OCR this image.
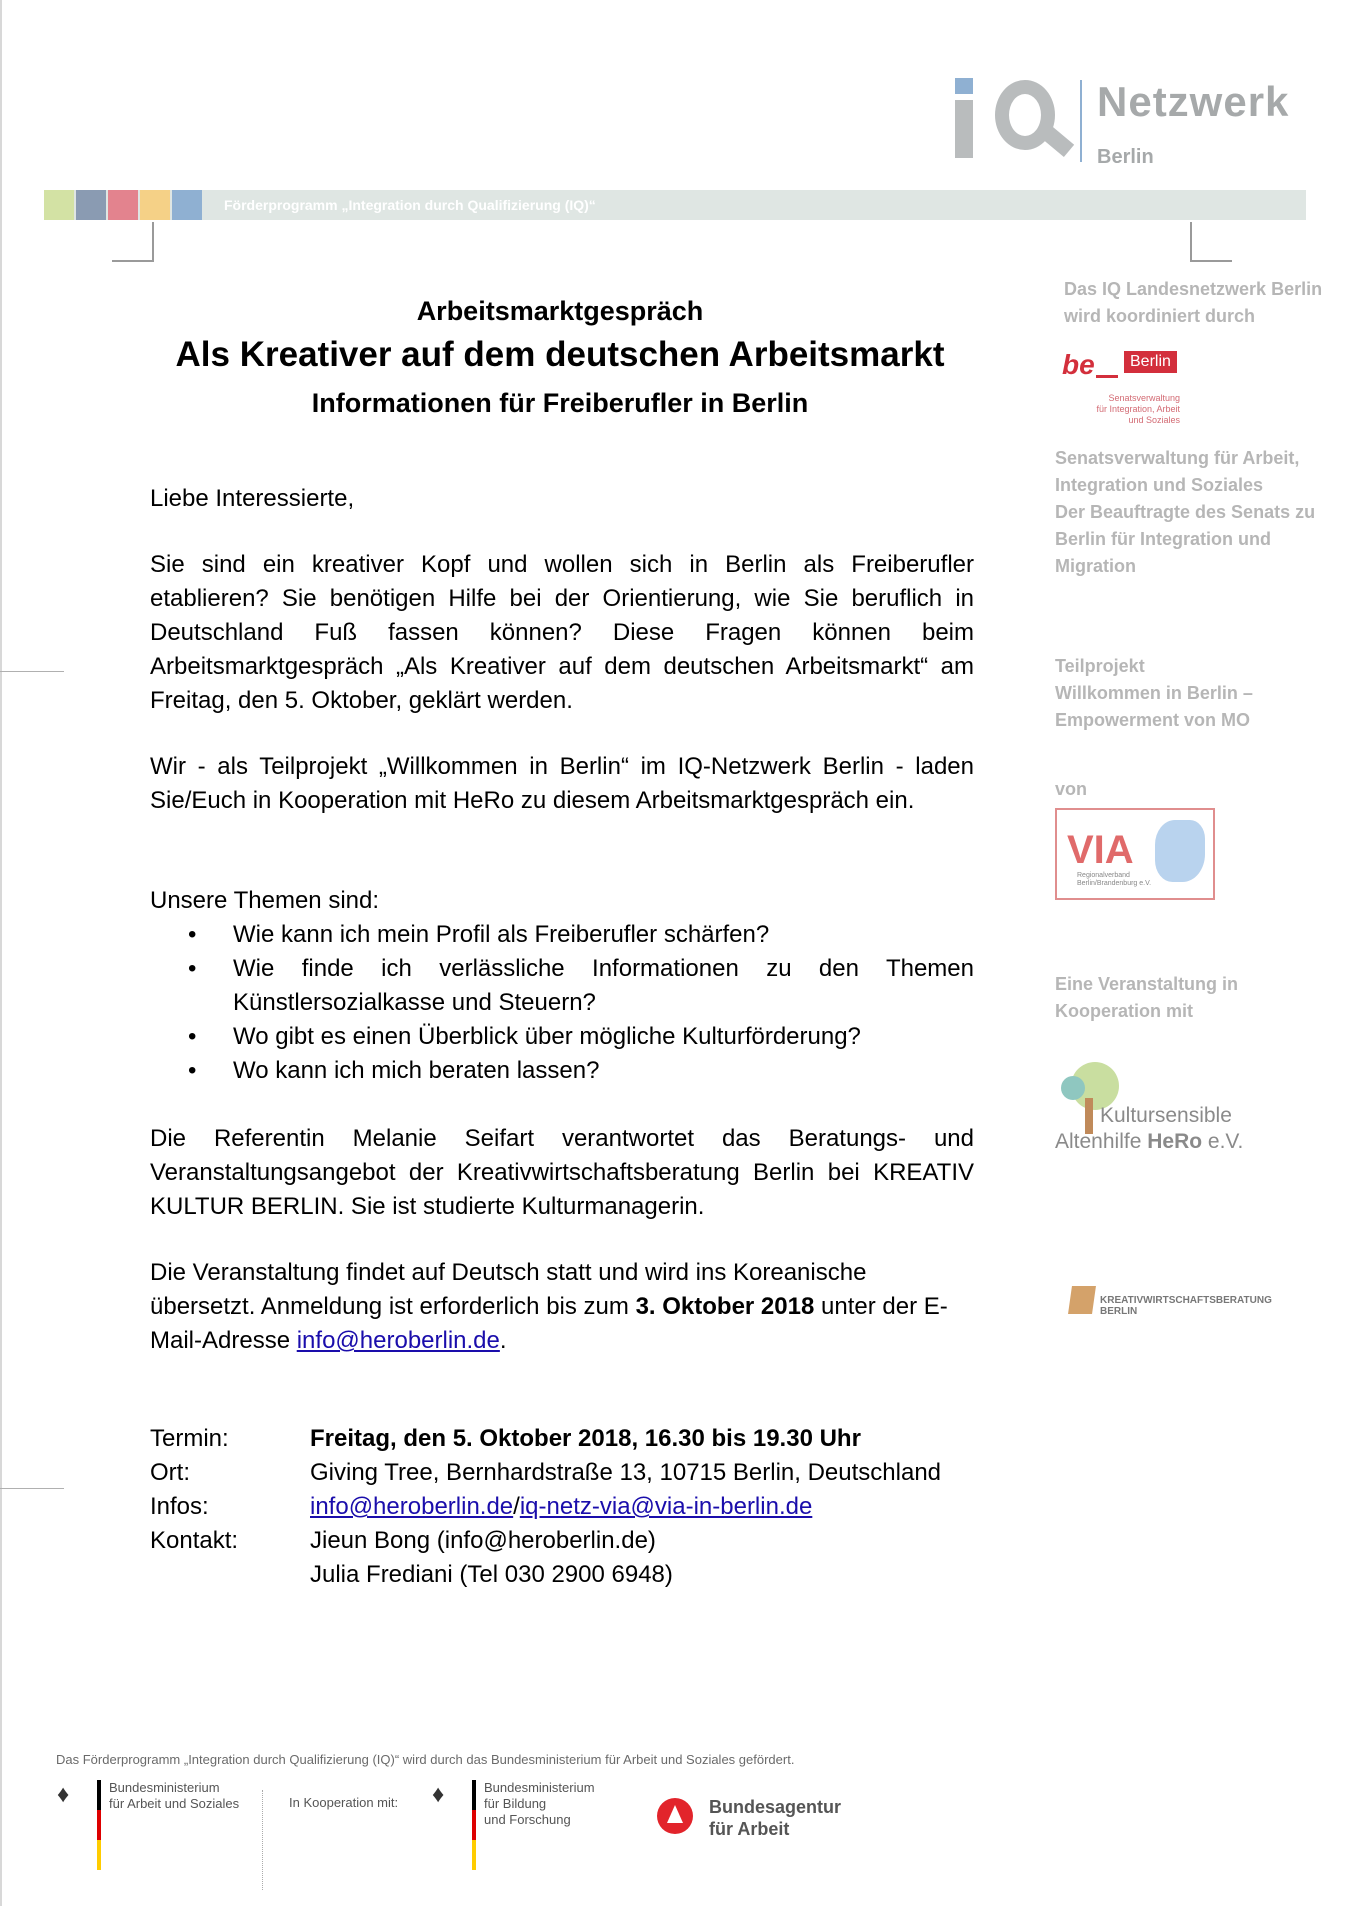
Netzwerk
Berlin
Förderprogramm „Integration durch Qualifizierung (IQ)“
Arbeitsmarktgespräch
Als Kreativer auf dem deutschen Arbeitsmarkt
Informationen für Freiberufler in Berlin
Liebe Interessierte,
Sie sind ein kreativer Kopf und wollen sich in Berlin als Freiberufler etablieren? Sie benötigen Hilfe bei der Orientierung, wie Sie beruflich in Deutschland Fuß fassen können? Diese Fragen können beim Arbeitsmarktgespräch „Als Kreativer auf dem deutschen Arbeitsmarkt“ am Freitag, den 5. Oktober, geklärt werden.
Wir - als Teilprojekt „Willkommen in Berlin“ im IQ-Netzwerk Berlin - laden Sie/Euch in Kooperation mit HeRo zu diesem Arbeitsmarktgespräch ein.
Unsere Themen sind:
• Wie kann ich mein Profil als Freiberufler schärfen?
• Wie finde ich verlässliche Informationen zu den Themen Künstlersozialkasse und Steuern?
• Wo gibt es einen Überblick über mögliche Kulturförderung?
• Wo kann ich mich beraten lassen?
Die Referentin Melanie Seifart verantwortet das Beratungs- und Veranstaltungsangebot der Kreativwirtschaftsberatung Berlin bei KREATIV KULTUR BERLIN. Sie ist studierte Kulturmanagerin.
Die Veranstaltung findet auf Deutsch statt und wird ins Koreanische übersetzt. Anmeldung ist erforderlich bis zum 3. Oktober 2018 unter der E-Mail-Adresse info@heroberlin.de.
Termin:	Freitag, den 5. Oktober 2018, 16.30 bis 19.30 Uhr
Ort:	Giving Tree, Bernhardstraße 13, 10715 Berlin, Deutschland
Infos:	info@heroberlin.de/iq-netz-via@via-in-berlin.de
Kontakt:	Jieun Bong (info@heroberlin.de)
Julia Frediani (Tel 030 2900 6948)
Das IQ Landesnetzwerk Berlin
wird koordiniert durch
be	Berlin
Senatsverwaltung
für Integration, Arbeit
und Soziales
Senatsverwaltung für Arbeit,
Integration und Soziales
Der Beauftragte des Senats zu
Berlin für Integration und
Migration
Teilprojekt
Willkommen in Berlin –
Empowerment von MO
von
VIA
Regionalverband
Berlin/Brandenburg e.V.
Eine Veranstaltung in
Kooperation mit
Kultursensible
Altenhilfe HeRo e.V.
KREATIVWIRTSCHAFTSBERATUNG BERLIN
Das Förderprogramm „Integration durch Qualifizierung (IQ)“ wird durch das Bundesministerium für Arbeit und Soziales gefördert.
♦	Bundesministerium
für Arbeit und Soziales	In Kooperation mit: ♦	Bundesministerium
für Bildung
und Forschung
Bundesagentur
für Arbeit
